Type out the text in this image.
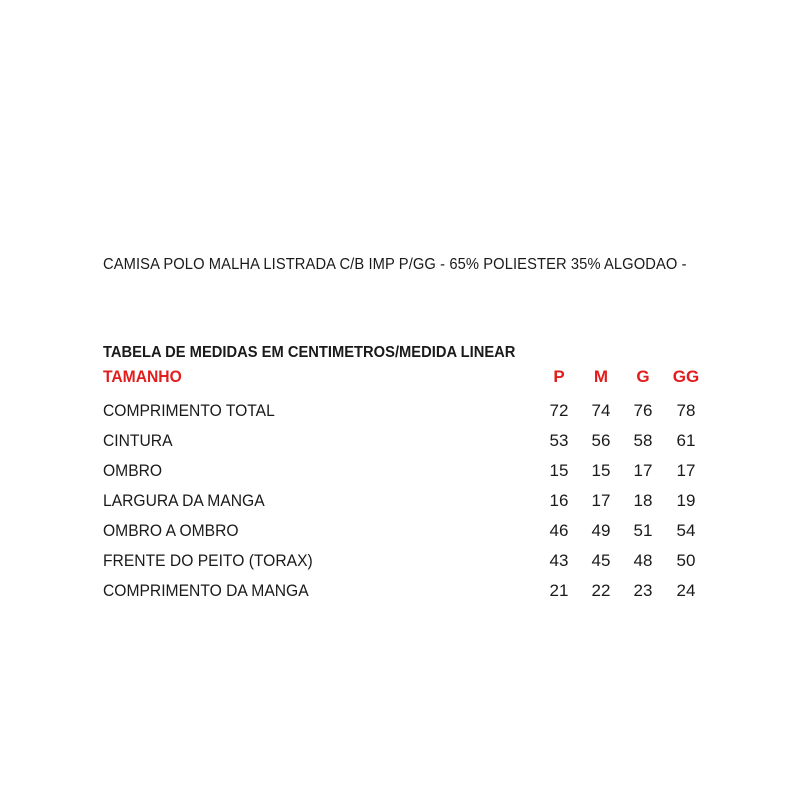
CAMISA POLO MALHA LISTRADA C/B IMP P/GG - 65% POLIESTER 35% ALGODAO -
TABELA DE MEDIDAS EM CENTIMETROS/MEDIDA LINEAR
TAMANHO	P	M	G	GG
COMPRIMENTO TOTAL	72	74	76	78
CINTURA	53	56	58	61
OMBRO	15	15	17	17
LARGURA DA MANGA	16	17	18	19
OMBRO A OMBRO	46	49	51	54
FRENTE DO PEITO (TORAX)	43	45	48	50
COMPRIMENTO DA MANGA	21	22	23	24
